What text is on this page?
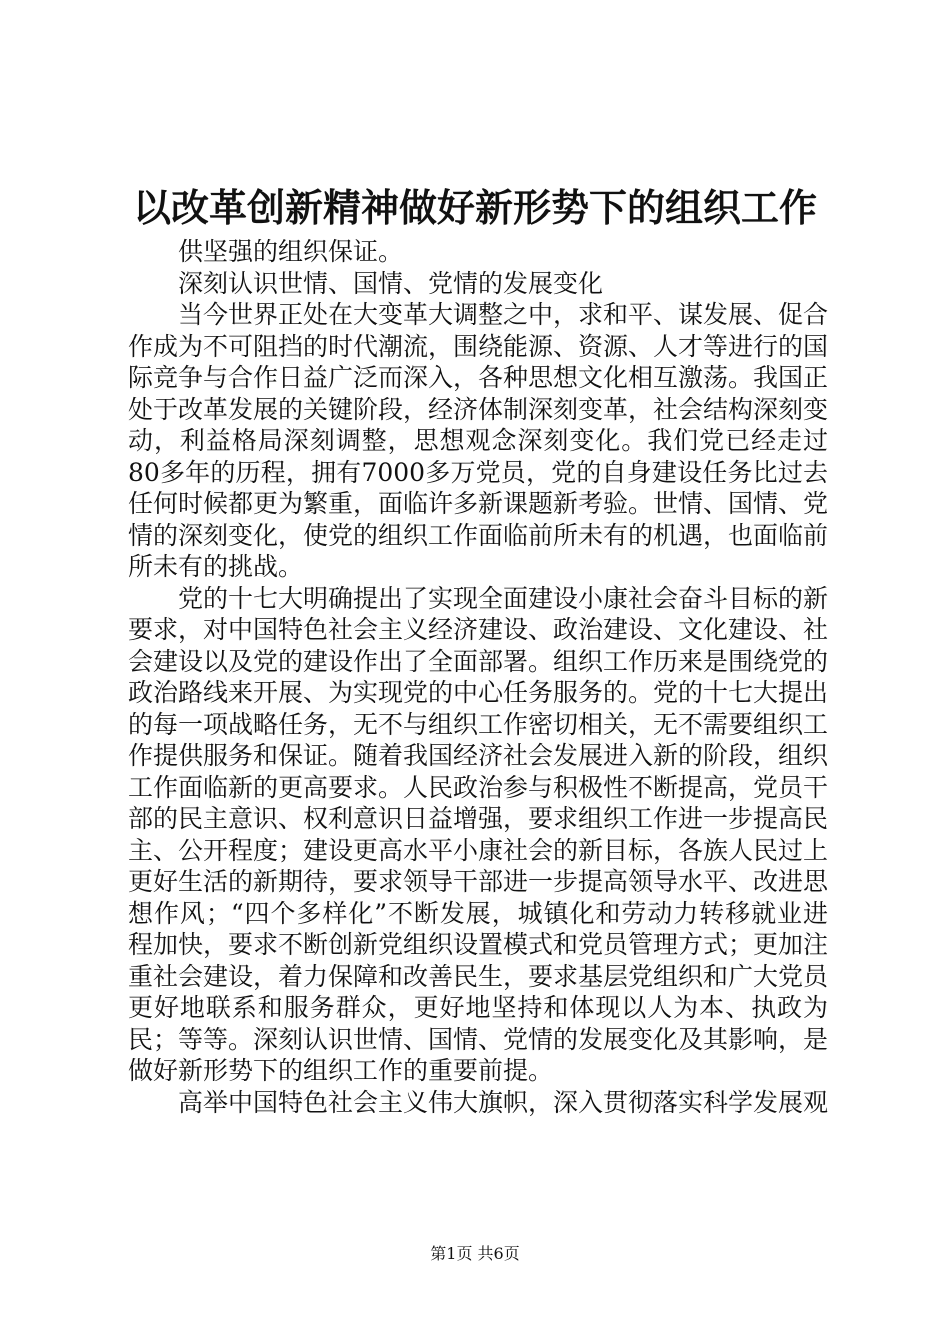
以改革创新精神做好新形势下的组织工作

供坚强的组织保证。

深刻认识世情、国情、党情的发展变化

当今世界正处在大变革大调整之中，求和平、谋发展、促合作成为不可阻挡的时代潮流，围绕能源、资源、人才等进行的国际竞争与合作日益广泛而深入，各种思想文化相互激荡。我国正处于改革发展的关键阶段，经济体制深刻变革，社会结构深刻变动，利益格局深刻调整，思想观念深刻变化。我们党已经走过80多年的历程，拥有7000多万党员，党的自身建设任务比过去任何时候都更为繁重，面临许多新课题新考验。世情、国情、党情的深刻变化，使党的组织工作面临前所未有的机遇，也面临前所未有的挑战。

党的十七大明确提出了实现全面建设小康社会奋斗目标的新要求，对中国特色社会主义经济建设、政治建设、文化建设、社会建设以及党的建设作出了全面部署。组织工作历来是围绕党的政治路线来开展、为实现党的中心任务服务的。党的十七大提出的每一项战略任务，无不与组织工作密切相关，无不需要组织工作提供服务和保证。随着我国经济社会发展进入新的阶段，组织工作面临新的更高要求。人民政治参与积极性不断提高，党员干部的民主意识、权利意识日益增强，要求组织工作进一步提高民主、公开程度；建设更高水平小康社会的新目标，各族人民过上更好生活的新期待，要求领导干部进一步提高领导水平、改进思想作风；“四个多样化”不断发展，城镇化和劳动力转移就业进程加快，要求不断创新党组织设置模式和党员管理方式；更加注重社会建设，着力保障和改善民生，要求基层党组织和广大党员更好地联系和服务群众，更好地坚持和体现以人为本、执政为民；等等。深刻认识世情、国情、党情的发展变化及其影响，是做好新形势下的组织工作的重要前提。

高举中国特色社会主义伟大旗帜，深入贯彻落实科学发展观

第1页 共6页
